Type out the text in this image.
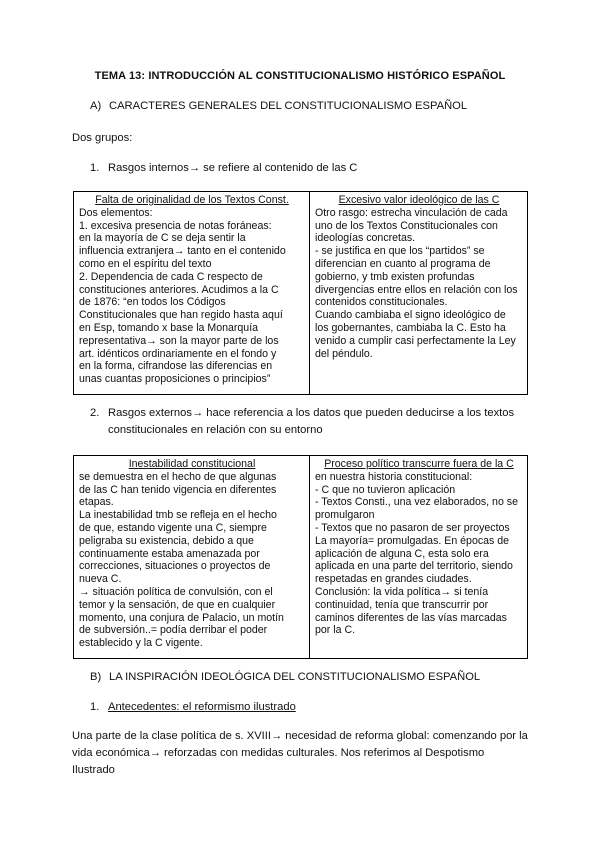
TEMA 13: INTRODUCCIÓN AL CONSTITUCIONALISMO HISTÓRICO ESPAÑOL
A) CARACTERES GENERALES DEL CONSTITUCIONALISMO ESPAÑOL
Dos grupos:
1. Rasgos internos→ se refiere al contenido de las C
Falta de originalidad de los Textos Const.
Dos elementos:
1. excesiva presencia de notas foráneas:
en la mayoría de C se deja sentir la
influencia extranjera→ tanto en el contenido
como en el espíritu del texto
2. Dependencia de cada C respecto de
constituciones anteriores. Acudimos a la C
de 1876: “en todos los Códigos
Constitucionales que han regido hasta aquí
en Esp, tomando x base la Monarquía
representativa→ son la mayor parte de los
art. idénticos ordinariamente en el fondo y
en la forma, cifrandose las diferencias en
unas cuantas proposiciones o principios”

Excesivo valor ideológico de las C
Otro rasgo: estrecha vinculación de cada
uno de los Textos Constitucionales con
ideologías concretas.
- se justifica en que los “partidos” se
diferencian en cuanto al programa de
gobierno, y tmb existen profundas
divergencias entre ellos en relación con los
contenidos constitucionales.
Cuando cambiaba el signo ideológico de
los gobernantes, cambiaba la C. Esto ha
venido a cumplir casi perfectamente la Ley
del péndulo.
2. Rasgos externos→ hace referencia a los datos que pueden deducirse a los textos
constitucionales en relación con su entorno
Inestabilidad constitucional
se demuestra en el hecho de que algunas
de las C han tenido vigencia en diferentes
etapas.
La inestabilidad tmb se refleja en el hecho
de que, estando vigente una C, siempre
peligraba su existencia, debido a que
continuamente estaba amenazada por
correcciones, situaciones o proyectos de
nueva C.
→ situación política de convulsión, con el
temor y la sensación, de que en cualquier
momento, una conjura de Palacio, un motín
de subversión..= podía derribar el poder
establecido y la C vigente.

Proceso político transcurre fuera de la C
en nuestra historia constitucional:
- C que no tuvieron aplicación
- Textos Consti., una vez elaborados, no se
promulgaron
- Textos que no pasaron de ser proyectos
La mayoría= promulgadas. En épocas de
aplicación de alguna C, esta solo era
aplicada en una parte del territorio, siendo
respetadas en grandes ciudades.
Conclusión: la vida política→ si tenía
continuidad, tenía que transcurrir por
caminos diferentes de las vías marcadas
por la C.
B) LA INSPIRACIÓN IDEOLÓGICA DEL CONSTITUCIONALISMO ESPAÑOL
1. Antecedentes: el reformismo ilustrado
Una parte de la clase política de s. XVIII→ necesidad de reforma global: comenzando por la
vida económica→ reforzadas con medidas culturales. Nos referimos al Despotismo
Ilustrado
